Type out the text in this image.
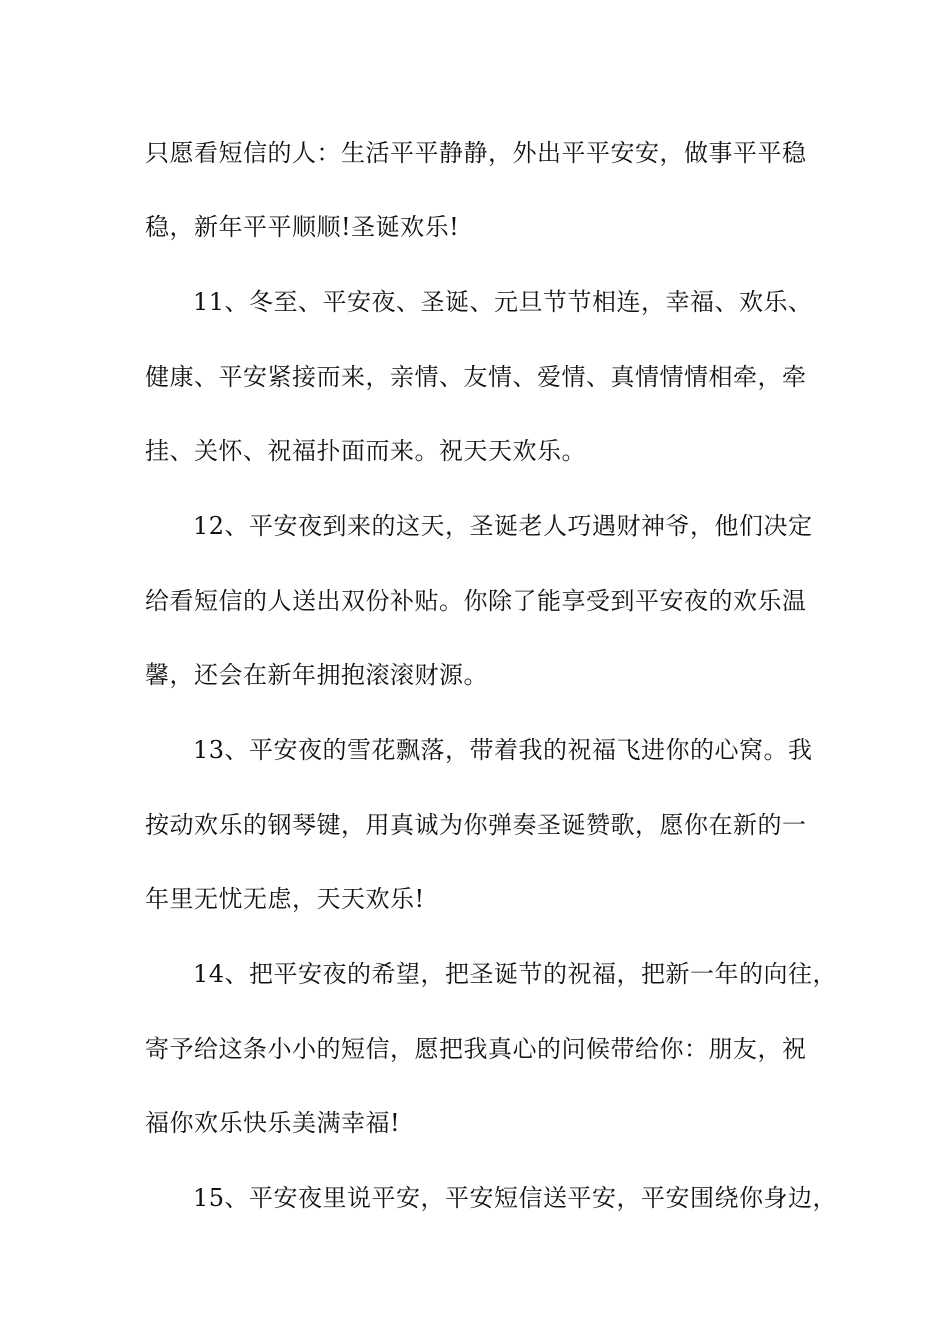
只愿看短信的人：生活平平静静，外出平平安安，做事平平稳
稳，新年平平顺顺!圣诞欢乐!
11、冬至、平安夜、圣诞、元旦节节相连，幸福、欢乐、
健康、平安紧接而来，亲情、友情、爱情、真情情情相牵，牵
挂、关怀、祝福扑面而来。祝天天欢乐。
12、平安夜到来的这天，圣诞老人巧遇财神爷，他们决定
给看短信的人送出双份补贴。你除了能享受到平安夜的欢乐温
馨，还会在新年拥抱滚滚财源。
13、平安夜的雪花飘落，带着我的祝福飞进你的心窝。我
按动欢乐的钢琴键，用真诚为你弹奏圣诞赞歌，愿你在新的一
年里无忧无虑，天天欢乐!
14、把平安夜的希望，把圣诞节的祝福，把新一年的向往，
寄予给这条小小的短信，愿把我真心的问候带给你：朋友，祝
福你欢乐快乐美满幸福!
15、平安夜里说平安，平安短信送平安，平安围绕你身边，
